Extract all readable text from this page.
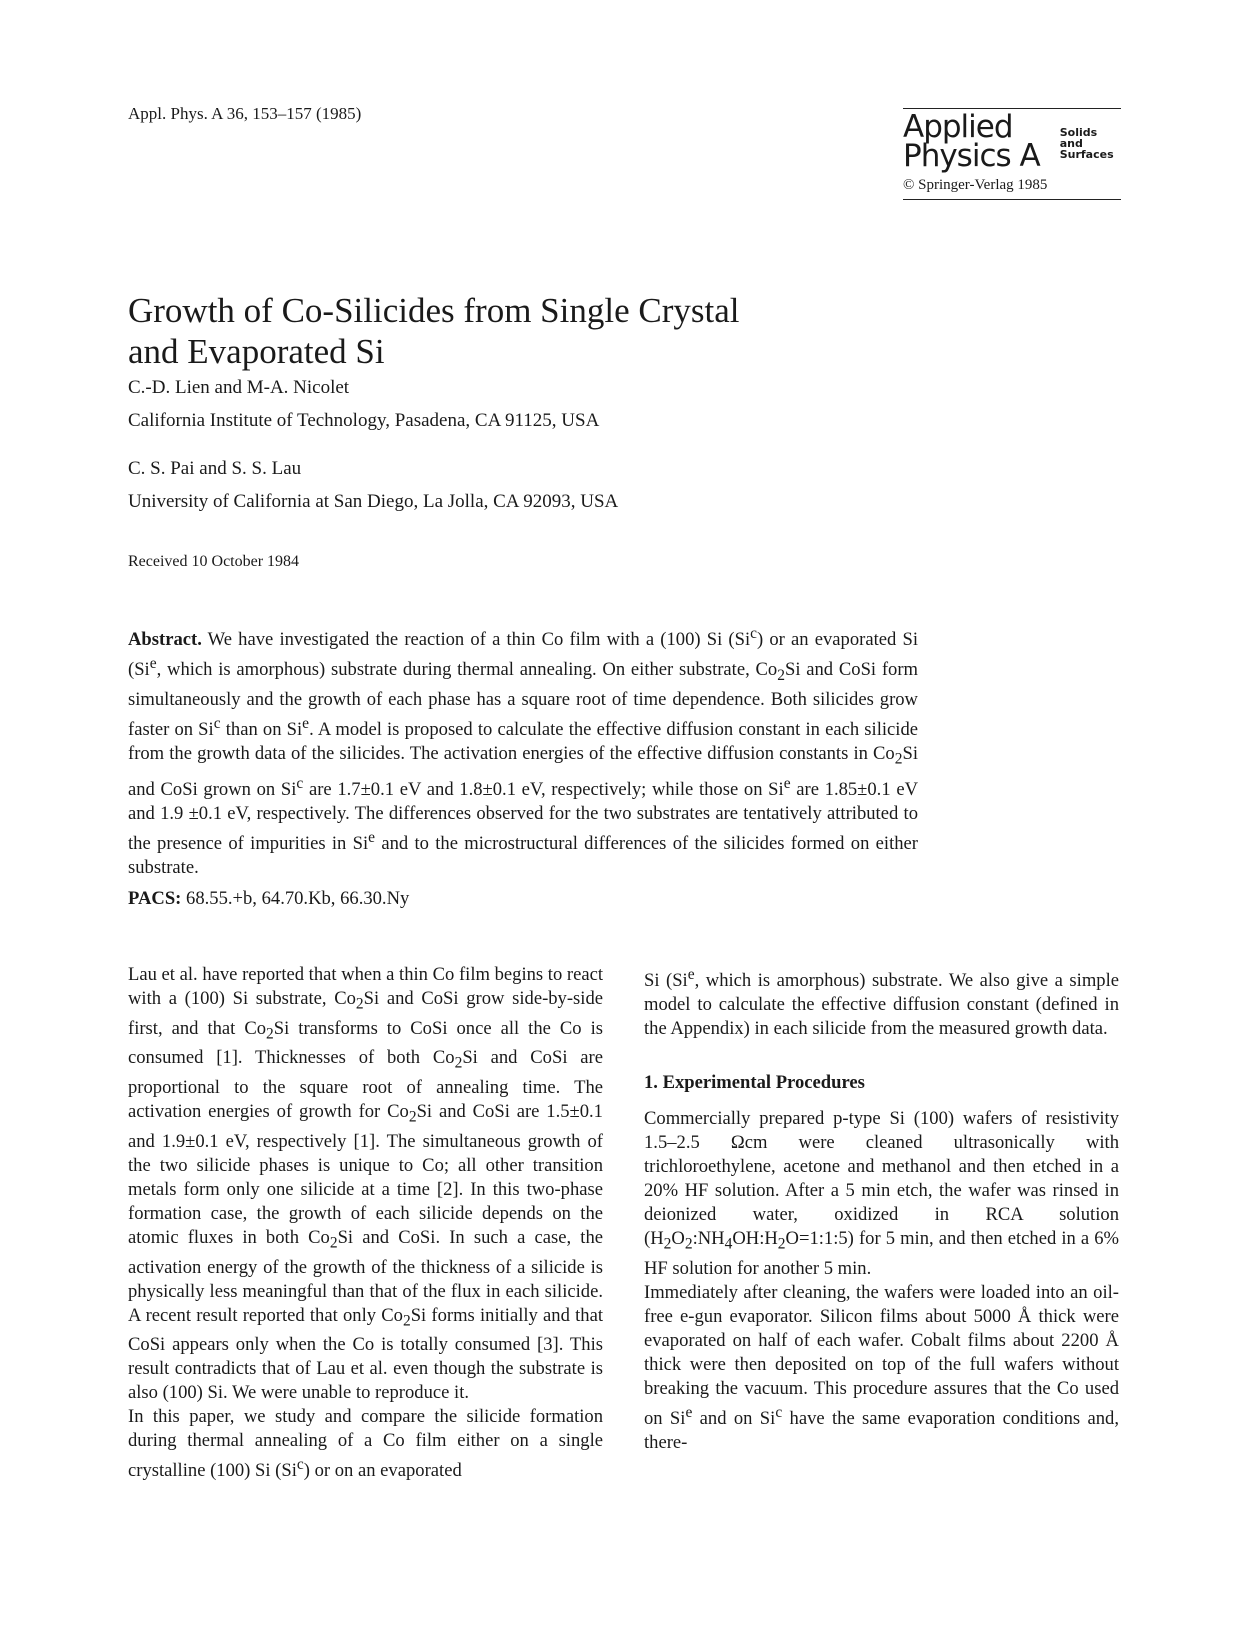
Appl. Phys. A 36, 153–157 (1985)	Applied
Physics A
Solids
and
Surfaces
© Springer-Verlag 1985
Growth of Co-Silicides from Single Crystal
and Evaporated Si
C.-D. Lien and M-A. Nicolet
California Institute of Technology, Pasadena, CA 91125, USA
C. S. Pai and S. S. Lau
University of California at San Diego, La Jolla, CA 92093, USA
Received 10 October 1984
Abstract. We have investigated the reaction of a thin Co film with a (100) Si (Si$^c$) or an evaporated Si (Si$^e$, which is amorphous) substrate during thermal annealing. On either substrate, $Co_2Si$ and CoSi form simultaneously and the growth of each phase has a square root of time dependence. Both silicides grow faster on Si$^c$ than on Si$^e$. A model is proposed to calculate the effective diffusion constant in each silicide from the growth data of the silicides. The activation energies of the effective diffusion constants in $Co_2Si$ and CoSi grown on Si$^c$ are 1.7±0.1 eV and 1.8±0.1 eV, respectively; while those on Si$^e$ are 1.85±0.1 eV and 1.9 ±0.1 eV, respectively. The differences observed for the two substrates are tentatively attributed to the presence of impurities in Si$^e$ and to the microstructural differences of the silicides formed on either substrate.
PACS: 68.55.+b, 64.70.Kb, 66.30.Ny

Lau et al. have reported that when a thin Co film begins to react with a (100) Si substrate, $Co_2Si$ and CoSi grow side-by-side first, and that $Co_2Si$ transforms to CoSi once all the Co is consumed [1]. Thicknesses of both $Co_2Si$ and CoSi are proportional to the square root of annealing time. The activation energies of growth for $Co_2Si$ and CoSi are 1.5±0.1 and 1.9±0.1 eV, respectively [1]. The simultaneous growth of the two silicide phases is unique to Co; all other transition metals form only one silicide at a time [2]. In this two-phase formation case, the growth of each silicide depends on the atomic fluxes in both $Co_2Si$ and CoSi. In such a case, the activation energy of the growth of the thickness of a silicide is physically less meaningful than that of the flux in each silicide. A recent result reported that only $Co_2Si$ forms initially and that CoSi appears only when the Co is totally consumed [3]. This result contradicts that of Lau et al. even though the substrate is also (100) Si. We were unable to reproduce it.

In this paper, we study and compare the silicide formation during thermal annealing of a Co film either on a single crystalline (100) Si (Si$^c$) or on an evaporated

Si (Si$^e$, which is amorphous) substrate. We also give a simple model to calculate the effective diffusion constant (defined in the Appendix) in each silicide from the measured growth data.

1. Experimental Procedures

Commercially prepared p-type Si (100) wafers of resistivity 1.5–2.5 Ωcm were cleaned ultrasonically with trichloroethylene, acetone and methanol and then etched in a 20% HF solution. After a 5 min etch, the wafer was rinsed in deionized water, oxidized in RCA solution $(H_2O_2:NH_4OH:H_2O=1:1:5)$ for 5 min, and then etched in a 6% HF solution for another 5 min.

Immediately after cleaning, the wafers were loaded into an oil-free e-gun evaporator. Silicon films about 5000 Å thick were evaporated on half of each wafer. Cobalt films about 2200 Å thick were then deposited on top of the full wafers without breaking the vacuum. This procedure assures that the Co used on Si$^e$ and on Si$^c$ have the same evaporation conditions and, there-
